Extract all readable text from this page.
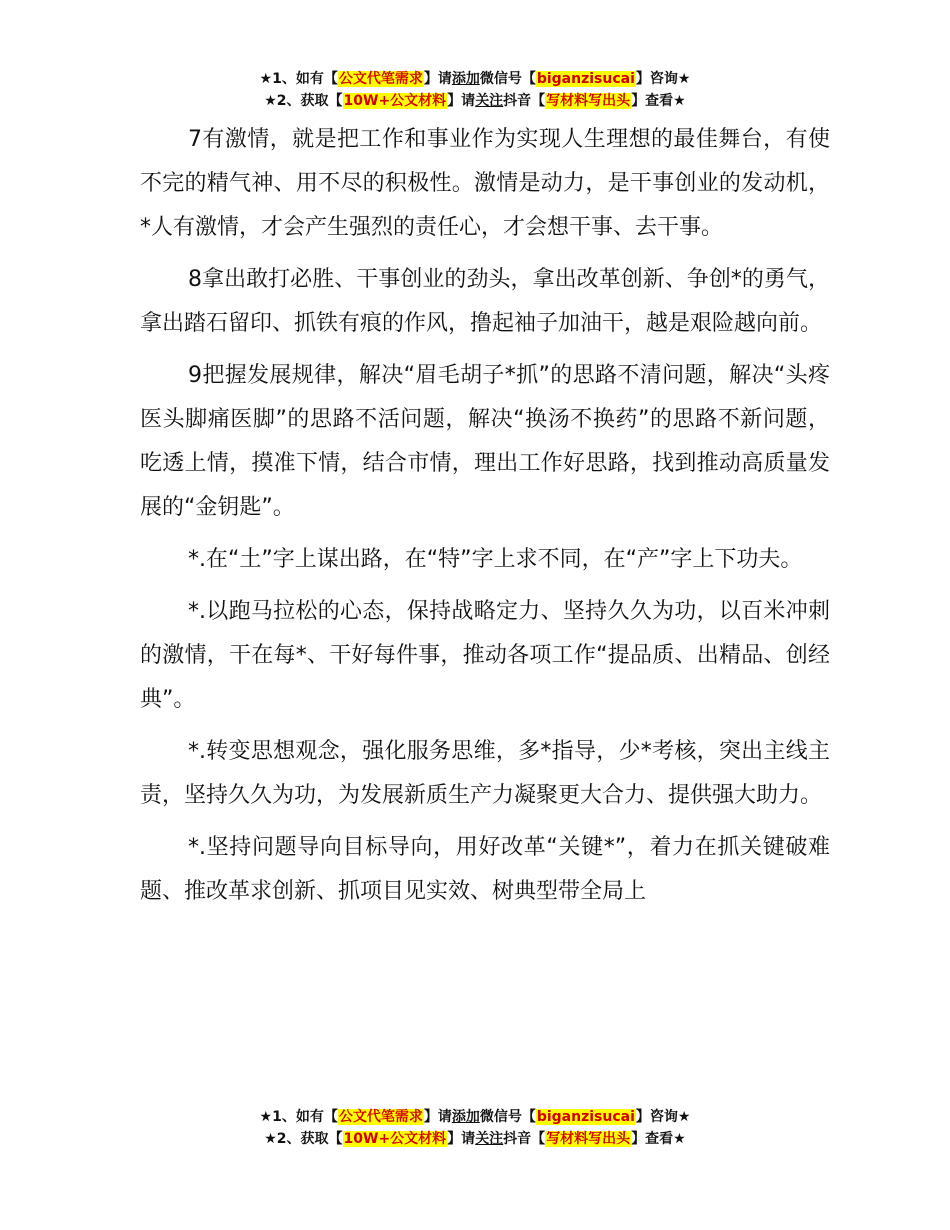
★1、如有【公文代笔需求】请添加微信号【biganzisucai】咨询★
★2、获取【10W+公文材料】请关注抖音【写材料写出头】查看★

7有激情，就是把工作和事业作为实现人生理想的最佳舞台，有使不完的精气神、用不尽的积极性。激情是动力，是干事创业的发动机，*人有激情，才会产生强烈的责任心，才会想干事、去干事。

8拿出敢打必胜、干事创业的劲头，拿出改革创新、争创*的勇气，拿出踏石留印、抓铁有痕的作风，撸起袖子加油干，越是艰险越向前。

9把握发展规律，解决“眉毛胡子*抓”的思路不清问题，解决“头疼医头脚痛医脚”的思路不活问题，解决“换汤不换药”的思路不新问题，吃透上情，摸准下情，结合市情，理出工作好思路，找到推动高质量发展的“金钥匙”。

*.在“土”字上谋出路，在“特”字上求不同，在“产”字上下功夫。

*.以跑马拉松的心态，保持战略定力、坚持久久为功，以百米冲刺的激情，干在每*、干好每件事，推动各项工作“提品质、出精品、创经典”。

*.转变思想观念，强化服务思维，多*指导，少*考核，突出主线主责，坚持久久为功，为发展新质生产力凝聚更大合力、提供强大助力。

*.坚持问题导向目标导向，用好改革“关键*”，着力在抓关键破难题、推改革求创新、抓项目见实效、树典型带全局上

★1、如有【公文代笔需求】请添加微信号【biganzisucai】咨询★
★2、获取【10W+公文材料】请关注抖音【写材料写出头】查看★
